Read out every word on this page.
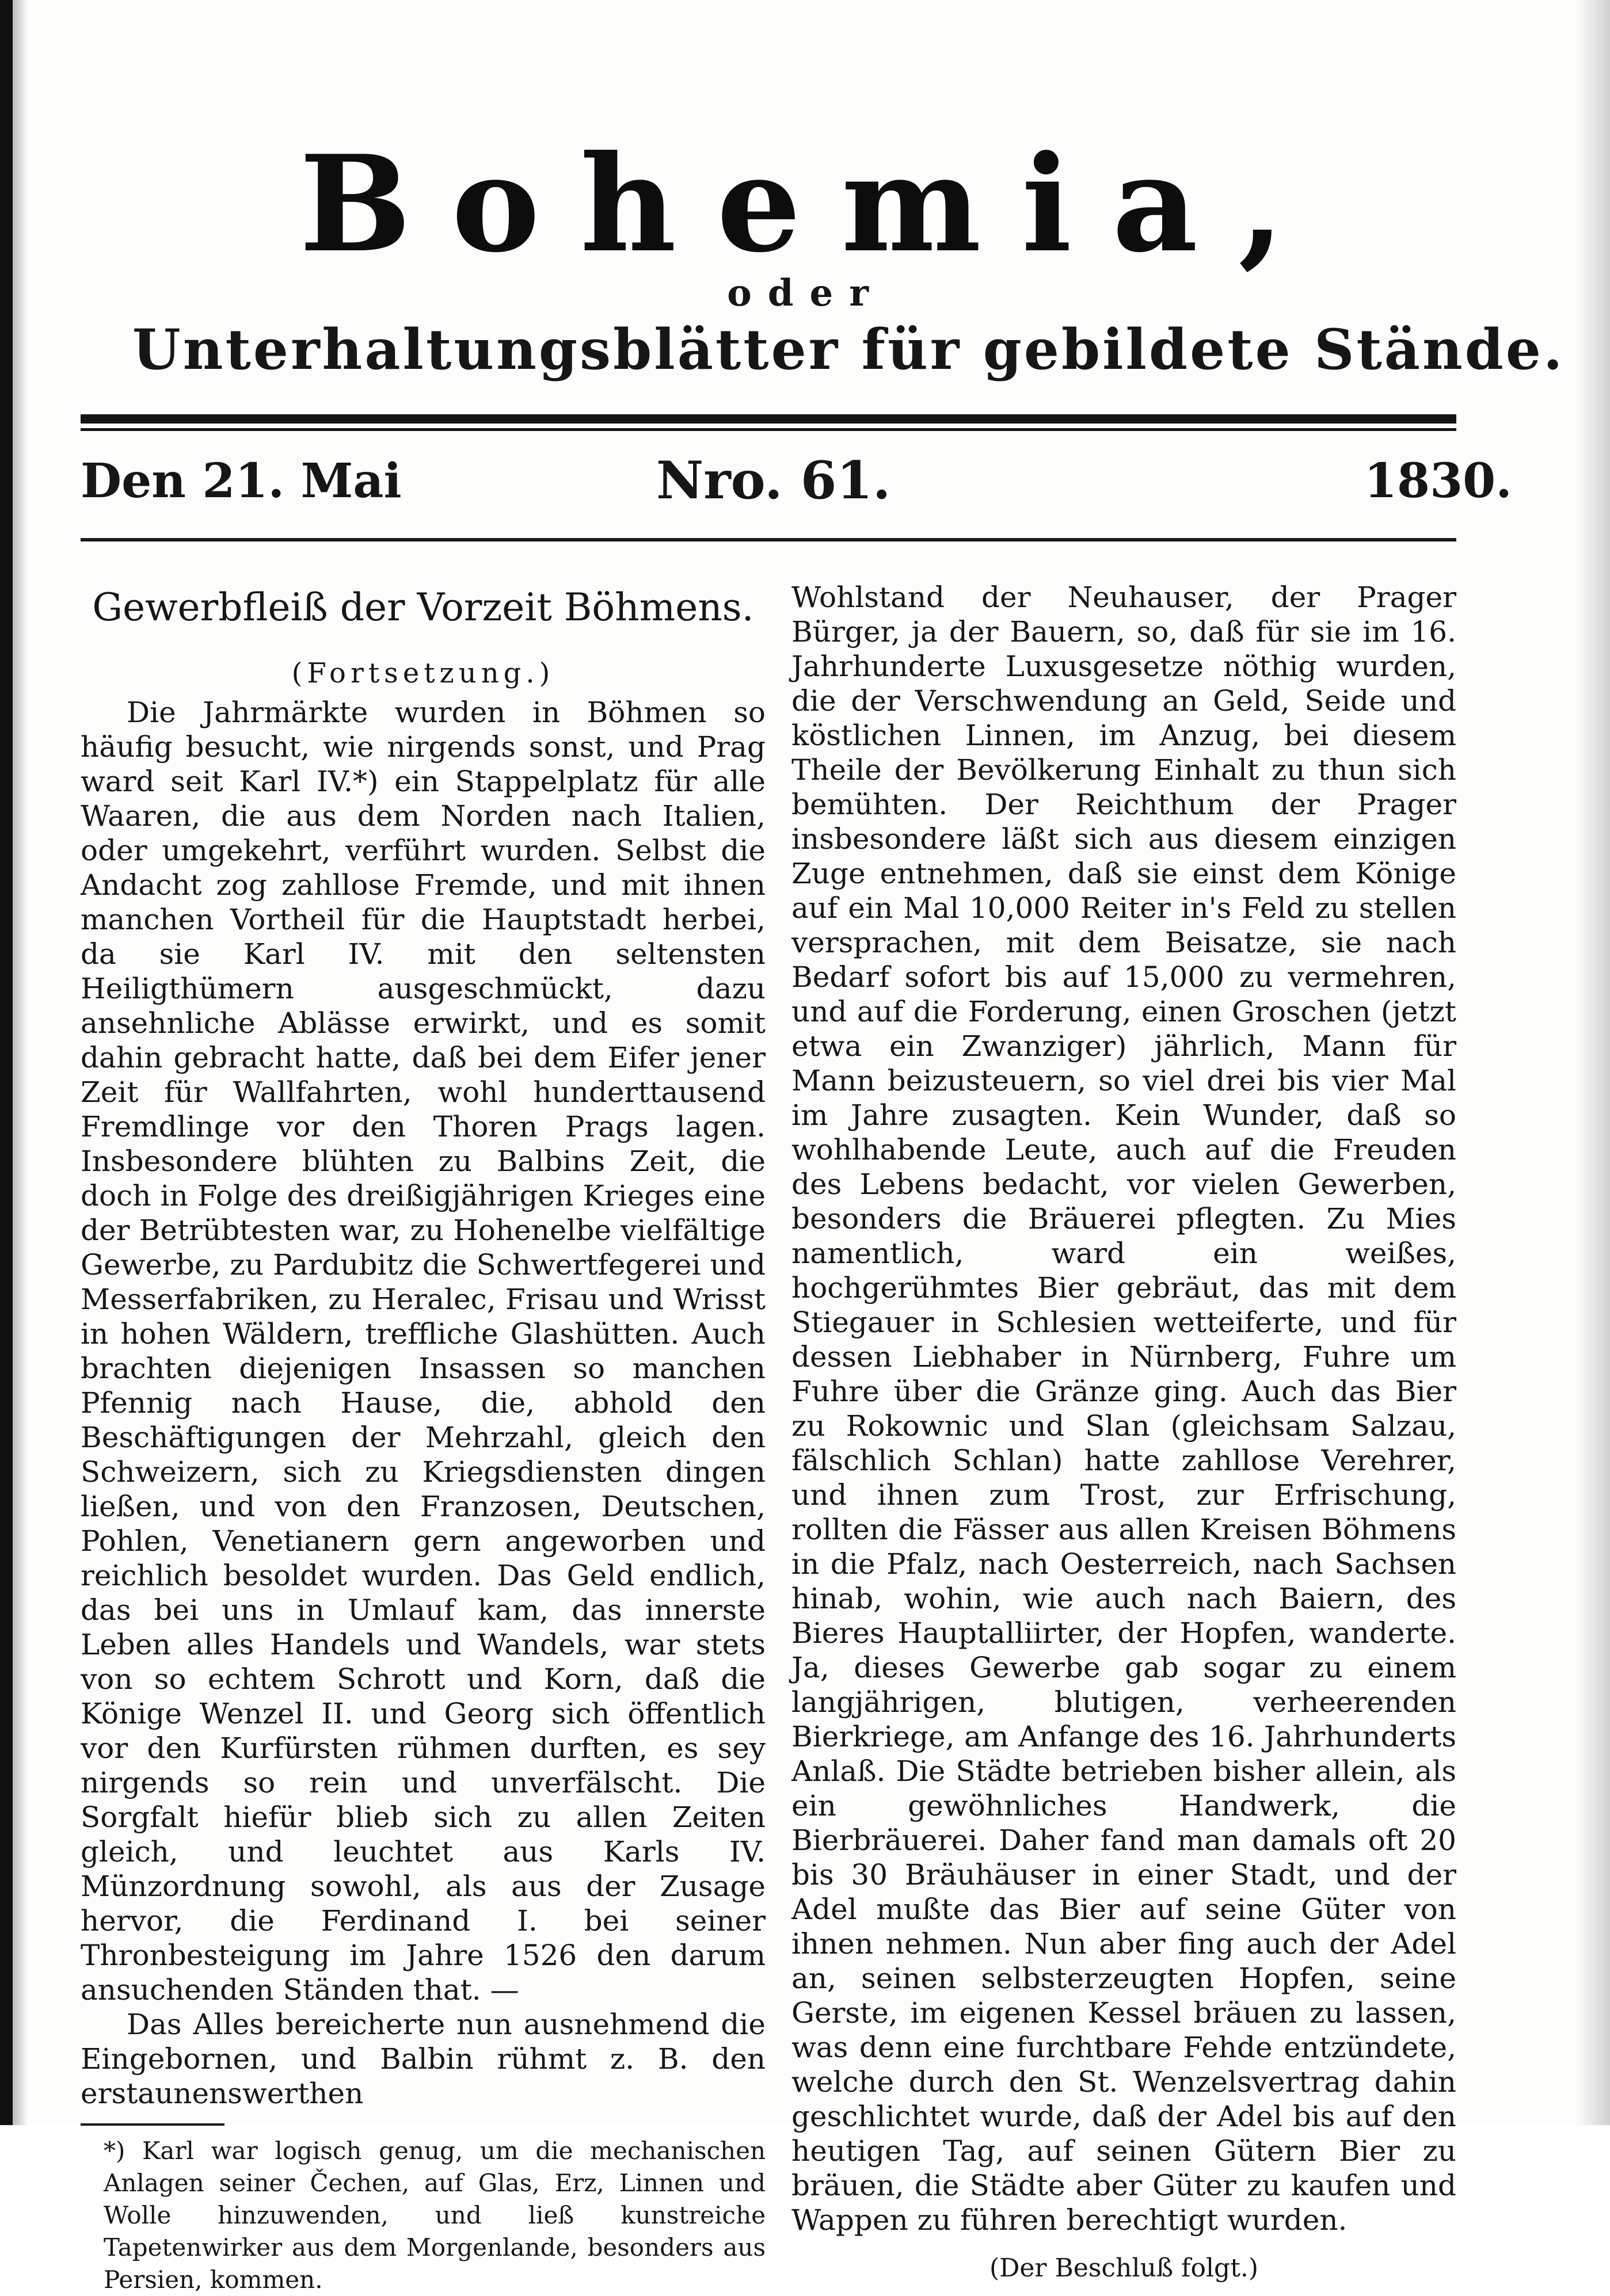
Bohemia,
oder
Unterhaltungsblätter für gebildete Stände.
Den 21. Mai	Nro. 61.	1830.
Gewerbfleiß der Vorzeit Böhmens.
(Fortsetzung.)

Die Jahrmärkte wurden in Böhmen so häufig besucht, wie nirgends sonst, und Prag ward seit Karl IV.*) ein Stappelplatz für alle Waaren, die aus dem Norden nach Italien, oder umgekehrt, verführt wurden. Selbst die Andacht zog zahllose Fremde, und mit ihnen manchen Vortheil für die Hauptstadt herbei, da sie Karl IV. mit den seltensten Heiligthümern ausgeschmückt, dazu ansehnliche Ablässe erwirkt, und es somit dahin gebracht hatte, daß bei dem Eifer jener Zeit für Wallfahrten, wohl hunderttausend Fremdlinge vor den Thoren Prags lagen. Insbesondere blühten zu Balbins Zeit, die doch in Folge des dreißigjährigen Krieges eine der Betrübtesten war, zu Hohenelbe vielfältige Gewerbe, zu Pardubitz die Schwertfegerei und Messerfabriken, zu Heralec, Frisau und Wrisst in hohen Wäldern, treffliche Glashütten. Auch brachten diejenigen Insassen so manchen Pfennig nach Hause, die, abhold den Beschäftigungen der Mehrzahl, gleich den Schweizern, sich zu Kriegsdiensten dingen ließen, und von den Franzosen, Deutschen, Pohlen, Venetianern gern angeworben und reichlich besoldet wurden. Das Geld endlich, das bei uns in Umlauf kam, das innerste Leben alles Handels und Wandels, war stets von so echtem Schrott und Korn, daß die Könige Wenzel II. und Georg sich öffentlich vor den Kurfürsten rühmen durften, es sey nirgends so rein und unverfälscht. Die Sorgfalt hiefür blieb sich zu allen Zeiten gleich, und leuchtet aus Karls IV. Münzordnung sowohl, als aus der Zusage hervor, die Ferdinand I. bei seiner Thronbesteigung im Jahre 1526 den darum ansuchenden Ständen that. —

Das Alles bereicherte nun ausnehmend die Eingebornen, und Balbin rühmt z. B. den erstaunenswerthen

*) Karl war logisch genug, um die mechanischen Anlagen seiner Čechen, auf Glas, Erz, Linnen und Wolle hinzuwenden, und ließ kunstreiche Tapetenwirker aus dem Morgenlande, besonders aus Persien, kommen.

Wohlstand der Neuhauser, der Prager Bürger, ja der Bauern, so, daß für sie im 16. Jahrhunderte Luxusgesetze nöthig wurden, die der Verschwendung an Geld, Seide und köstlichen Linnen, im Anzug, bei diesem Theile der Bevölkerung Einhalt zu thun sich bemühten. Der Reichthum der Prager insbesondere läßt sich aus diesem einzigen Zuge entnehmen, daß sie einst dem Könige auf ein Mal 10,000 Reiter in's Feld zu stellen versprachen, mit dem Beisatze, sie nach Bedarf sofort bis auf 15,000 zu vermehren, und auf die Forderung, einen Groschen (jetzt etwa ein Zwanziger) jährlich, Mann für Mann beizusteuern, so viel drei bis vier Mal im Jahre zusagten. Kein Wunder, daß so wohlhabende Leute, auch auf die Freuden des Lebens bedacht, vor vielen Gewerben, besonders die Bräuerei pflegten. Zu Mies namentlich, ward ein weißes, hochgerühmtes Bier gebräut, das mit dem Stiegauer in Schlesien wetteiferte, und für dessen Liebhaber in Nürnberg, Fuhre um Fuhre über die Gränze ging. Auch das Bier zu Rokownic und Slan (gleichsam Salzau, fälschlich Schlan) hatte zahllose Verehrer, und ihnen zum Trost, zur Erfrischung, rollten die Fässer aus allen Kreisen Böhmens in die Pfalz, nach Oesterreich, nach Sachsen hinab, wohin, wie auch nach Baiern, des Bieres Hauptalliirter, der Hopfen, wanderte. Ja, dieses Gewerbe gab sogar zu einem langjährigen, blutigen, verheerenden Bierkriege, am Anfange des 16. Jahrhunderts Anlaß. Die Städte betrieben bisher allein, als ein gewöhnliches Handwerk, die Bierbräuerei. Daher fand man damals oft 20 bis 30 Bräuhäuser in einer Stadt, und der Adel mußte das Bier auf seine Güter von ihnen nehmen. Nun aber fing auch der Adel an, seinen selbsterzeugten Hopfen, seine Gerste, im eigenen Kessel bräuen zu lassen, was denn eine furchtbare Fehde entzündete, welche durch den St. Wenzelsvertrag dahin geschlichtet wurde, daß der Adel bis auf den heutigen Tag, auf seinen Gütern Bier zu bräuen, die Städte aber Güter zu kaufen und Wappen zu führen berechtigt wurden.

(Der Beschluß folgt.)
